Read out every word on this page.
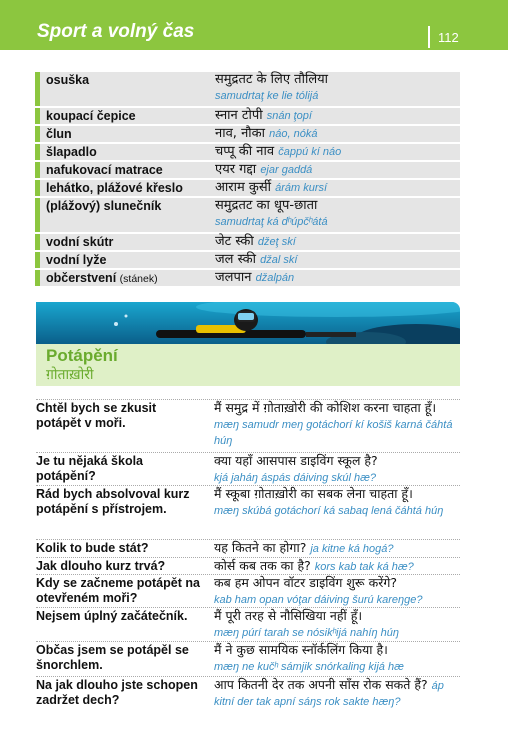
Sport a volný čas	112
osuška	समुद्रतट के लिए तौलिया
samudrtaţ ke lie tólijá
koupací čepice	स्नान टोपी snán ţopí
člun	नाव, नौका náo, nóká
šlapadlo	चप्पू की नाव čappú kí náo
nafukovací matrace	एयर गद्दा ejar gaddá
lehátko, plážové křeslo आराम कुर्सी árám kursí
(plážový) slunečník	समुद्रतट का धूप-छाता
samudrtaţ ká dʰúpčʰátá
vodní skútr	जेट स्की džeţ skí
vodní lyže	जल स्की džal skí
občerstvení (stánek)	जलपान džalpán
Potápění
ग़ोताख़ोरी
Chtěl bych se zkusit potápět v moři.
मैं समुद्र में ग़ोताख़ोरी की कोशिश करना चाहता हूँ। mæŋ samudr meŋ gotáchorí kí košiš karná čáhtá húŋ
Je tu nějaká škola potápění?
क्या यहाँ आसपास डाइविंग स्कूल है?
kjá jaháŋ áspás dáiving skúl hæ?
Rád bych absolvoval kurz potápění s přístrojem.
मैं स्कूबा ग़ोताख़ोरी का सबक लेना चाहता हूँ।
mæŋ skúbá gotáchorí ká sabaq lená čáhtá húŋ
Kolik to bude stát?	यह कितने का होगा? ja kitne ká hogá?
Jak dlouho kurz trvá?	कोर्स कब तक का है? kors kab tak ká hæ?
Kdy se začneme potápět na otevřeném moři?
कब हम ओपन वॉटर डाइविंग शुरू करेंगे?
kab ham opan vóţar dáiving šurú kareŋge?
Nejsem úplný začátečník.	मैं पूरी तरह से नौसिखिया नहीं हूँ।
mæŋ púrí tarah se nósikʰijá nahíŋ húŋ
Občas jsem se potápěl se šnorchlem.
मैं ने कुछ सामयिक स्नॉर्कलिंग किया है।
mæŋ ne kučʰ sámjik snórkaling kijá hæ
Na jak dlouho jste schopen zadržet dech?
आप कितनी देर तक अपनी साँस रोक सकते हैं? áp kitní der tak apní sáŋs rok sakte hæŋ?
